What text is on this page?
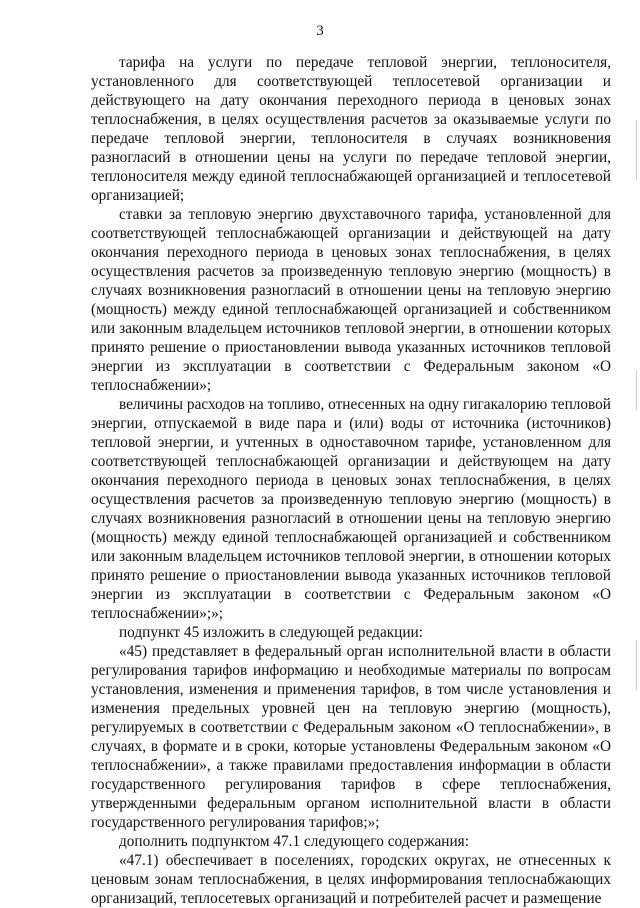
3

тарифа на услуги по передаче тепловой энергии, теплоносителя, установленного для соответствующей теплосетевой организации и действующего на дату окончания переходного периода в ценовых зонах теплоснабжения, в целях осуществления расчетов за оказываемые услуги по передаче тепловой энергии, теплоносителя в случаях возникновения разногласий в отношении цены на услуги по передаче тепловой энергии, теплоносителя между единой теплоснабжающей организацией и теплосетевой организацией;

ставки за тепловую энергию двухставочного тарифа, установленной для соответствующей теплоснабжающей организации и действующей на дату окончания переходного периода в ценовых зонах теплоснабжения, в целях осуществления расчетов за произведенную тепловую энергию (мощность) в случаях возникновения разногласий в отношении цены на тепловую энергию (мощность) между единой теплоснабжающей организацией и собственником или законным владельцем источников тепловой энергии, в отношении которых принято решение о приостановлении вывода указанных источников тепловой энергии из эксплуатации в соответствии с Федеральным законом «О теплоснабжении»;

величины расходов на топливо, отнесенных на одну гигакалорию тепловой энергии, отпускаемой в виде пара и (или) воды от источника (источников) тепловой энергии, и учтенных в одноставочном тарифе, установленном для соответствующей теплоснабжающей организации и действующем на дату окончания переходного периода в ценовых зонах теплоснабжения, в целях осуществления расчетов за произведенную тепловую энергию (мощность) в случаях возникновения разногласий в отношении цены на тепловую энергию (мощность) между единой теплоснабжающей организацией и собственником или законным владельцем источников тепловой энергии, в отношении которых принято решение о приостановлении вывода указанных источников тепловой энергии из эксплуатации в соответствии с Федеральным законом «О теплоснабжении»;»;

подпункт 45 изложить в следующей редакции:

«45) представляет в федеральный орган исполнительной власти в области регулирования тарифов информацию и необходимые материалы по вопросам установления, изменения и применения тарифов, в том числе установления и изменения предельных уровней цен на тепловую энергию (мощность), регулируемых в соответствии с Федеральным законом «О теплоснабжении», в случаях, в формате и в сроки, которые установлены Федеральным законом «О теплоснабжении», а также правилами предоставления информации в области государственного регулирования тарифов в сфере теплоснабжения, утвержденными федеральным органом исполнительной власти в области государственного регулирования тарифов;»;

дополнить подпунктом 47.1 следующего содержания:

«47.1) обеспечивает в поселениях, городских округах, не отнесенных к ценовым зонам теплоснабжения, в целях информирования теплоснабжающих организаций, теплосетевых организаций и потребителей расчет и размещение
